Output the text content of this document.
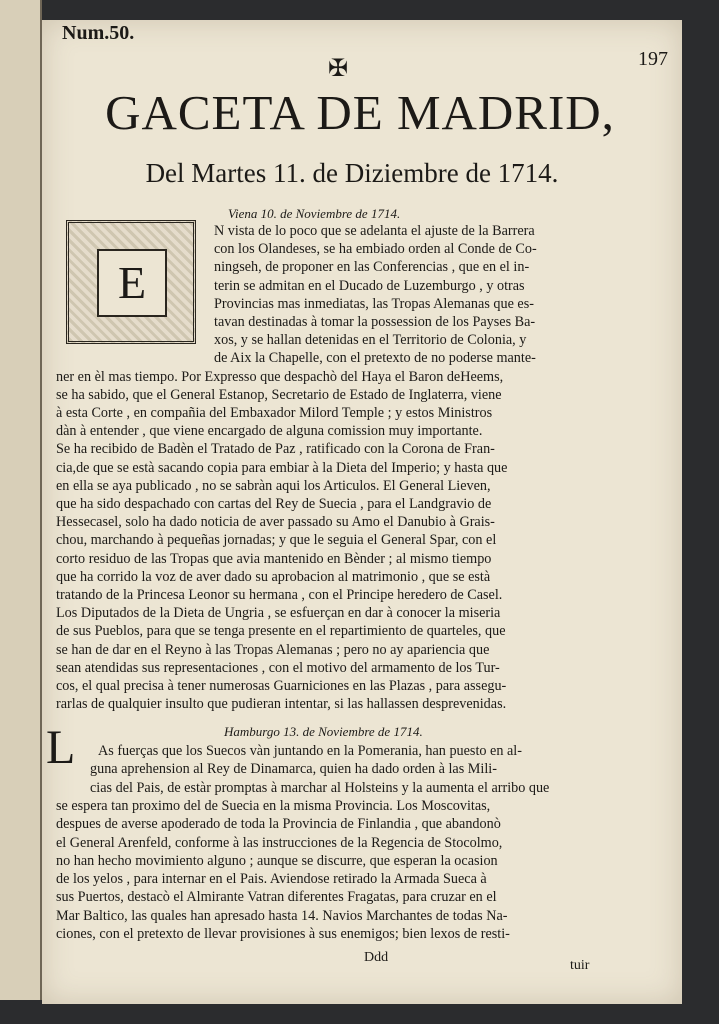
Num.50.
197
✠
GACETA DE MADRID,
Del Martes 11. de Diziembre de 1714.
Viena 10. de Noviembre de 1714.
E
N vista de lo poco que se adelanta el ajuste de la Barrera
con los Olandeses, se ha embiado orden al Conde de Co-
ningseh, de proponer en las Conferencias , que en el in-
terin se admitan en el Ducado de Luzemburgo , y otras
Provincias mas inmediatas, las Tropas Alemanas que es-
tavan destinadas à tomar la possession de los Payses Ba-
xos, y se hallan detenidas en el Territorio de Colonia, y
de Aix la Chapelle, con el pretexto de no poderse mante-
ner en èl mas tiempo. Por Expresso que despachò del Haya el Baron deHeems,
se ha sabido, que el General Estanop, Secretario de Estado de Inglaterra, viene
à esta Corte , en compañia del Embaxador Milord Temple ; y estos Ministros
dàn à entender , que viene encargado de alguna comission muy importante.
Se ha recibido de Badèn el Tratado de Paz , ratificado con la Corona de Fran-
cia,de que se està sacando copia para embiar à la Dieta del Imperio; y hasta que
en ella se aya publicado , no se sabràn aqui los Articulos. El General Lieven,
que ha sido despachado con cartas del Rey de Suecia , para el Landgravio de
Hessecasel, solo ha dado noticia de aver passado su Amo el Danubio à Grais-
chou, marchando à pequeñas jornadas; y que le seguia el General Spar, con el
corto residuo de las Tropas que avia mantenido en Bènder ; al mismo tiempo
que ha corrido la voz de aver dado su aprobacion al matrimonio , que se està
tratando de la Princesa Leonor su hermana , con el Principe heredero de Casel.
Los Diputados de la Dieta de Ungria , se esfuerçan en dar à conocer la miseria
de sus Pueblos, para que se tenga presente en el repartimiento de quarteles, que
se han de dar en el Reyno à las Tropas Alemanas ; pero no ay apariencia que
sean atendidas sus representaciones , con el motivo del armamento de los Tur-
cos, el qual precisa à tener numerosas Guarniciones en las Plazas , para assegu-
rarlas de qualquier insulto que pudieran intentar, si las hallassen desprevenidas.
Hamburgo 13. de Noviembre de 1714.
L As fuerças que los Suecos vàn juntando en la Pomerania, han puesto en al-
guna aprehension al Rey de Dinamarca, quien ha dado orden à las Mili-
cias del Pais, de estàr promptas à marchar al Holsteins y la aumenta el arribo que
se espera tan proximo del de Suecia en la misma Provincia. Los Moscovitas,
despues de averse apoderado de toda la Provincia de Finlandia , que abandonò
el General Arenfeld, conforme à las instrucciones de la Regencia de Stocolmo,
no han hecho movimiento alguno ; aunque se discurre, que esperan la ocasion
de los yelos , para internar en el Pais. Aviendose retirado la Armada Sueca à
sus Puertos, destacò el Almirante Vatran diferentes Fragatas, para cruzar en el
Mar Baltico, las quales han apresado hasta 14. Navios Marchantes de todas Na-
ciones, con el pretexto de llevar provisiones à sus enemigos; bien lexos de resti-
Ddd
tuir
